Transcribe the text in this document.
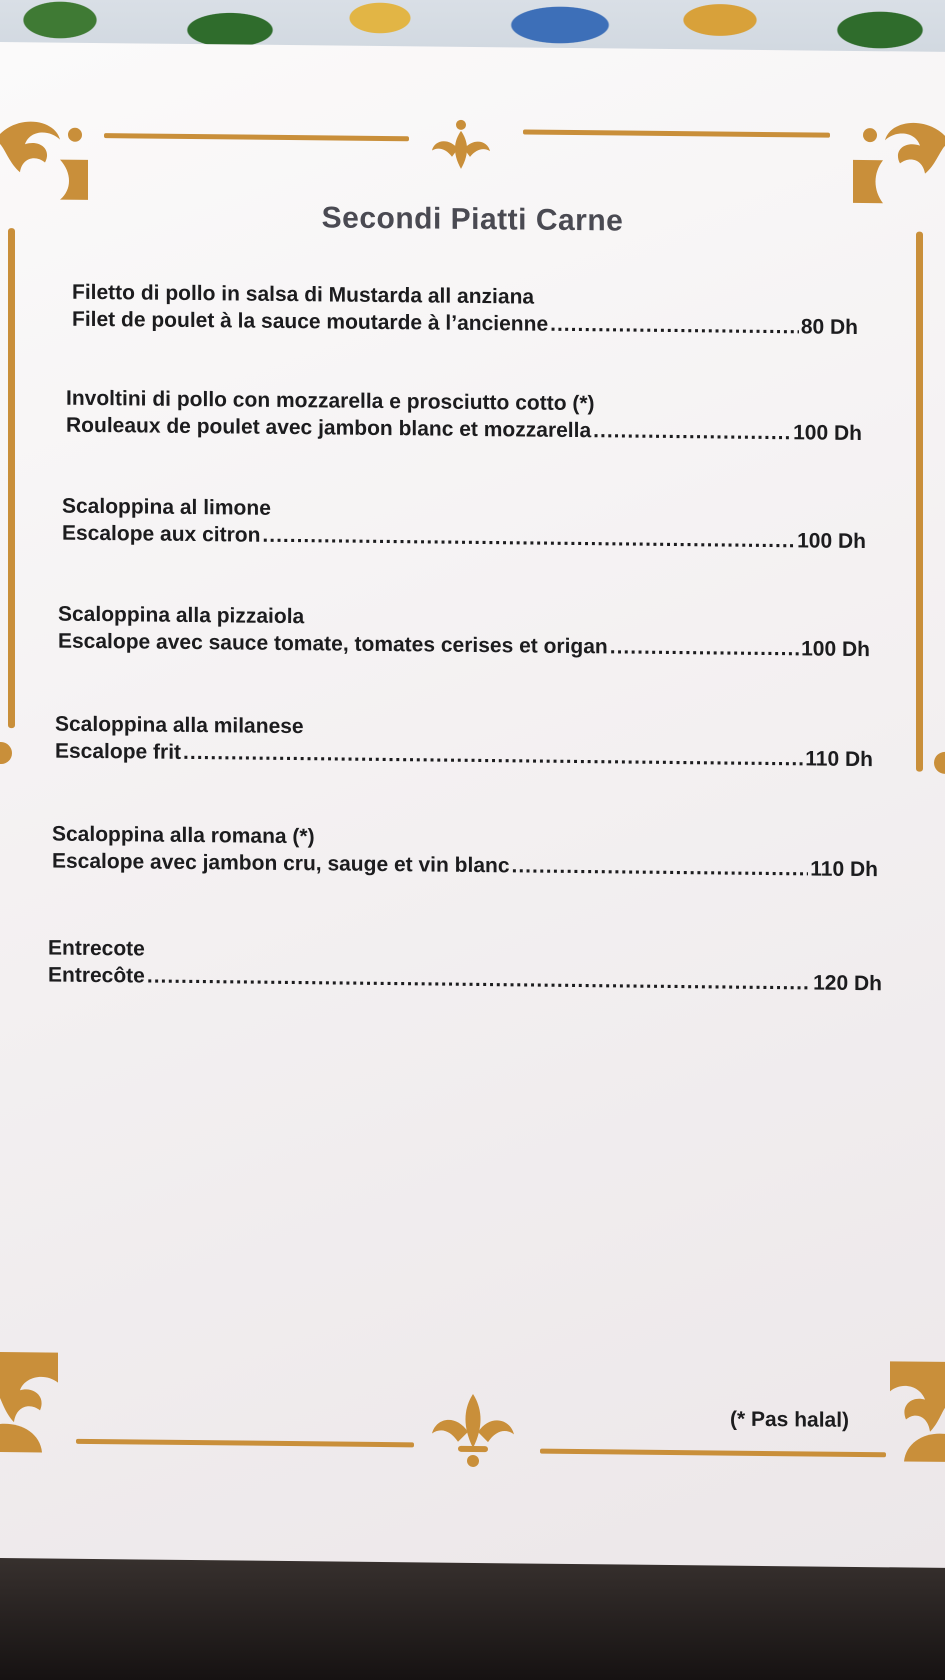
Secondi Piatti Carne
Filetto di pollo in salsa di Mustarda all anziana
Filet de poulet à la sauce moutarde à l’ancienne .....	80 Dh
Involtini di pollo con mozzarella e prosciutto cotto (*)
Rouleaux de poulet avec jambon blanc et mozzarella .....	100 Dh
Scaloppina al limone
Escalope aux citron .....	100 Dh
Scaloppina alla pizzaiola
Escalope avec sauce tomate, tomates cerises et origan .....	100 Dh
Scaloppina alla milanese
Escalope frit .....	110 Dh
Scaloppina alla romana (*)
Escalope avec jambon cru, sauge et vin blanc .....	110 Dh
Entrecote
Entrecôte .....	120 Dh
(* Pas halal)
